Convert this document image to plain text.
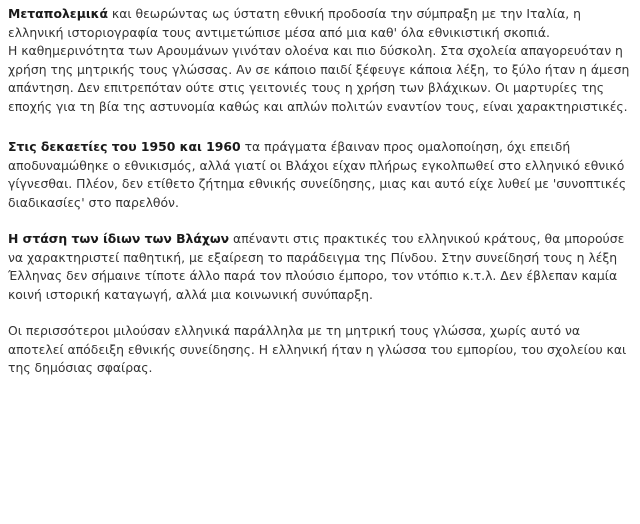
Μεταπολεμικά και θεωρώντας ως ύστατη εθνική προδοσία την σύμπραξη με την Ιταλία, η ελληνική ιστοριογραφία τους αντιμετώπισε μέσα από μια καθ' όλα εθνικιστική σκοπιά.

Η καθημερινότητα των Αρουμάνων γινόταν ολοένα και πιο δύσκολη. Στα σχολεία απαγορευόταν η χρήση της μητρικής τους γλώσσας. Αν σε κάποιο παιδί ξέφευγε κάποια λέξη, το ξύλο ήταν η άμεση απάντηση. Δεν επιτρεπόταν ούτε στις γειτονιές τους η χρήση των βλάχικων. Οι μαρτυρίες της εποχής για τη βία της αστυνομία καθώς και απλών πολιτών εναντίον τους, είναι χαρακτηριστικές.

Στις δεκαετίες του 1950 και 1960 τα πράγματα έβαιναν προς ομαλοποίηση, όχι επειδή αποδυναμώθηκε ο εθνικισμός, αλλά γιατί οι Βλάχοι είχαν πλήρως εγκολπωθεί στο ελληνικό εθνικό γίγνεσθαι. Πλέον, δεν ετίθετο ζήτημα εθνικής συνείδησης, μιας και αυτό είχε λυθεί με 'συνοπτικές διαδικασίες' στο παρελθόν.

Η στάση των ίδιων των Βλάχων απέναντι στις πρακτικές του ελληνικού κράτους, θα μπορούσε να χαρακτηριστεί παθητική, με εξαίρεση το παράδειγμα της Πίνδου. Στην συνείδησή τους η λέξη Έλληνας δεν σήμαινε τίποτε άλλο παρά τον πλούσιο έμπορο, τον ντόπιο κ.τ.λ. Δεν έβλεπαν καμία κοινή ιστορική καταγωγή, αλλά μια κοινωνική συνύπαρξη.

Οι περισσότεροι μιλούσαν ελληνικά παράλληλα με τη μητρική τους γλώσσα, χωρίς αυτό να αποτελεί απόδειξη εθνικής συνείδησης. Η ελληνική ήταν η γλώσσα του εμπορίου, του σχολείου και της δημόσιας σφαίρας.
